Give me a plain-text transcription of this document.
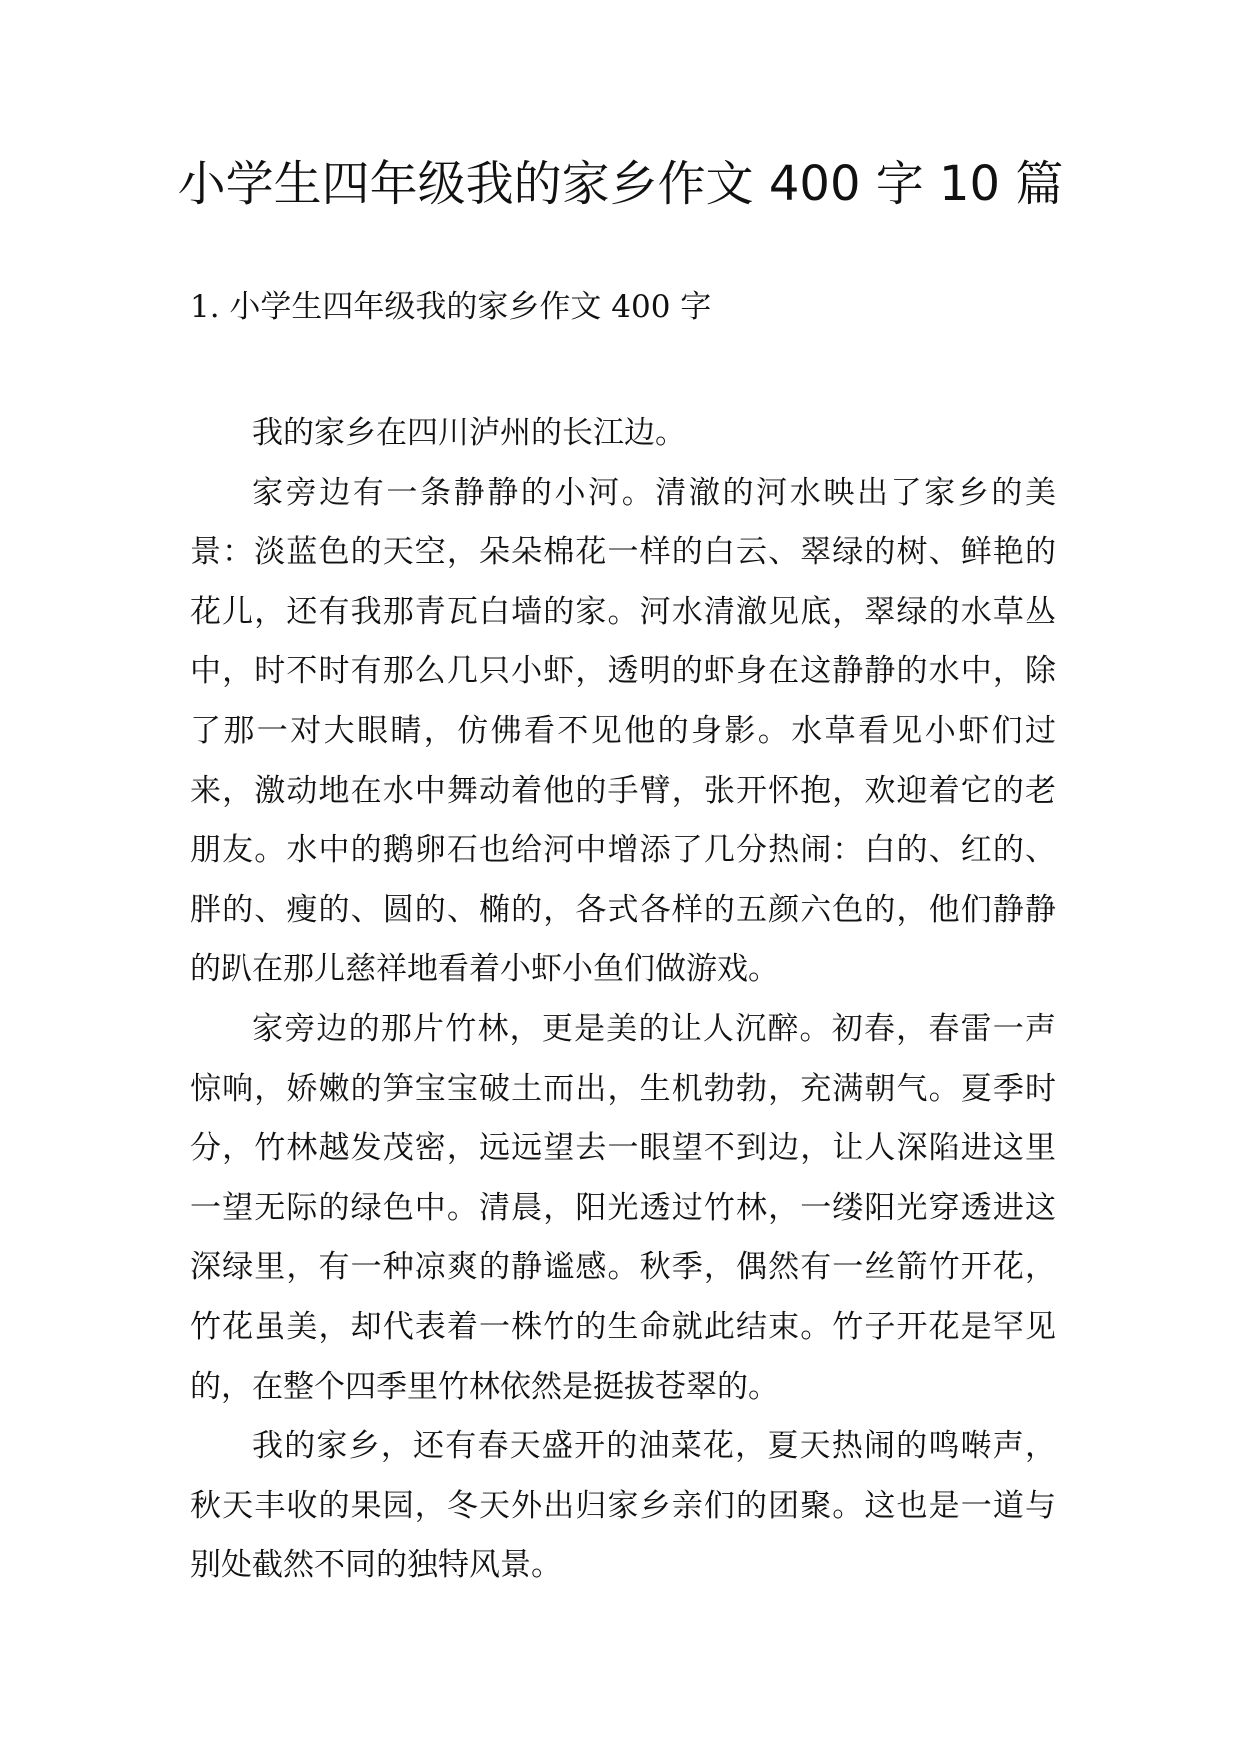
小学生四年级我的家乡作文 400 字 10 篇
1. 小学生四年级我的家乡作文 400 字

我的家乡在四川泸州的长江边。

家旁边有一条静静的小河。清澈的河水映出了家乡的美景：淡蓝色的天空，朵朵棉花一样的白云、翠绿的树、鲜艳的花儿，还有我那青瓦白墙的家。河水清澈见底，翠绿的水草丛中，时不时有那么几只小虾，透明的虾身在这静静的水中，除了那一对大眼睛，仿佛看不见他的身影。水草看见小虾们过来，激动地在水中舞动着他的手臂，张开怀抱，欢迎着它的老朋友。水中的鹅卵石也给河中增添了几分热闹：白的、红的、胖的、瘦的、圆的、椭的，各式各样的五颜六色的，他们静静的趴在那儿慈祥地看着小虾小鱼们做游戏。

家旁边的那片竹林，更是美的让人沉醉。初春，春雷一声惊响，娇嫩的笋宝宝破土而出，生机勃勃，充满朝气。夏季时分，竹林越发茂密，远远望去一眼望不到边，让人深陷进这里一望无际的绿色中。清晨，阳光透过竹林，一缕阳光穿透进这深绿里，有一种凉爽的静谧感。秋季，偶然有一丝箭竹开花，竹花虽美，却代表着一株竹的生命就此结束。竹子开花是罕见的，在整个四季里竹林依然是挺拔苍翠的。

我的家乡，还有春天盛开的油菜花，夏天热闹的鸣啭声，秋天丰收的果园，冬天外出归家乡亲们的团聚。这也是一道与别处截然不同的独特风景。
